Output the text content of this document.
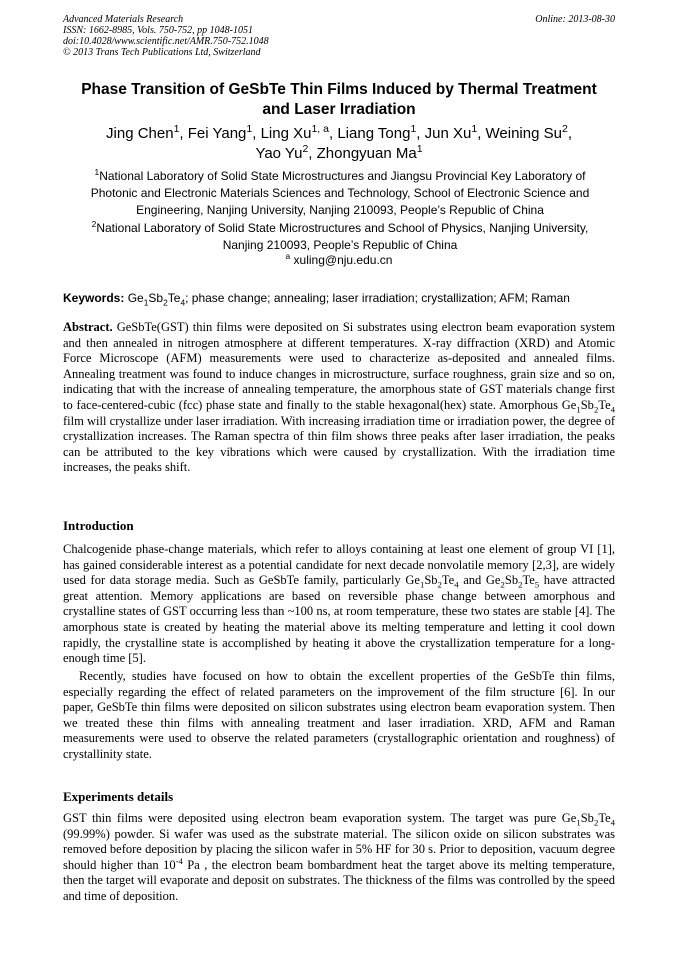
Advanced Materials Research
ISSN: 1662-8985, Vols. 750-752, pp 1048-1051
doi:10.4028/www.scientific.net/AMR.750-752.1048
© 2013 Trans Tech Publications Ltd, Switzerland
Online: 2013-08-30
Phase Transition of GeSbTe Thin Films Induced by Thermal Treatment
and Laser Irradiation
Jing Chen$^1$, Fei Yang$^1$, Ling Xu$^{1, a}$, Liang Tong$^1$, Jun Xu$^1$, Weining Su$^2$,
Yao Yu$^2$, Zhongyuan Ma$^1$
$^1$National Laboratory of Solid State Microstructures and Jiangsu Provincial Key Laboratory of Photonic and Electronic Materials Sciences and Technology, School of Electronic Science and Engineering, Nanjing University, Nanjing 210093, People’s Republic of China
$^2$National Laboratory of Solid State Microstructures and School of Physics, Nanjing University, Nanjing 210093, People’s Republic of China
$^a$ xuling@nju.edu.cn
Keywords: $Ge_1Sb_2Te_4$; phase change; annealing; laser irradiation; crystallization; AFM; Raman
Abstract. GeSbTe(GST) thin films were deposited on Si substrates using electron beam evaporation system and then annealed in nitrogen atmosphere at different temperatures. X-ray diffraction (XRD) and Atomic Force Microscope (AFM) measurements were used to characterize as-deposited and annealed films. Annealing treatment was found to induce changes in microstructure, surface roughness, grain size and so on, indicating that with the increase of annealing temperature, the amorphous state of GST materials change first to face-centered-cubic (fcc) phase state and finally to the stable hexagonal(hex) state. Amorphous $Ge_1Sb_2Te_4$ film will crystallize under laser irradiation. With increasing irradiation time or irradiation power, the degree of crystallization increases. The Raman spectra of thin film shows three peaks after laser irradiation, the peaks can be attributed to the key vibrations which were caused by crystallization. With the irradiation time increases, the peaks shift.
Introduction
Chalcogenide phase-change materials, which refer to alloys containing at least one element of group VI [1], has gained considerable interest as a potential candidate for next decade nonvolatile memory [2,3], are widely used for data storage media. Such as GeSbTe family, particularly $Ge_1Sb_2Te_4$ and $Ge_2Sb_2Te_5$ have attracted great attention. Memory applications are based on reversible phase change between amorphous and crystalline states of GST occurring less than ~100 ns, at room temperature, these two states are stable [4]. The amorphous state is created by heating the material above its melting temperature and letting it cool down rapidly, the crystalline state is accomplished by heating it above the crystallization temperature for a long-enough time [5].
Recently, studies have focused on how to obtain the excellent properties of the GeSbTe thin films, especially regarding the effect of related parameters on the improvement of the film structure [6]. In our paper, GeSbTe thin films were deposited on silicon substrates using electron beam evaporation system. Then we treated these thin films with annealing treatment and laser irradiation. XRD, AFM and Raman measurements were used to observe the related parameters (crystallographic orientation and roughness) of crystallinity state.
Experiments details
GST thin films were deposited using electron beam evaporation system. The target was pure $Ge_1Sb_2Te_4$ (99.99%) powder. Si wafer was used as the substrate material. The silicon oxide on silicon substrates was removed before deposition by placing the silicon wafer in 5% HF for 30 s. Prior to deposition, vacuum degree should higher than $10^{-4}$ Pa , the electron beam bombardment heat the target above its melting temperature, then the target will evaporate and deposit on substrates. The thickness of the films was controlled by the speed and time of deposition.
